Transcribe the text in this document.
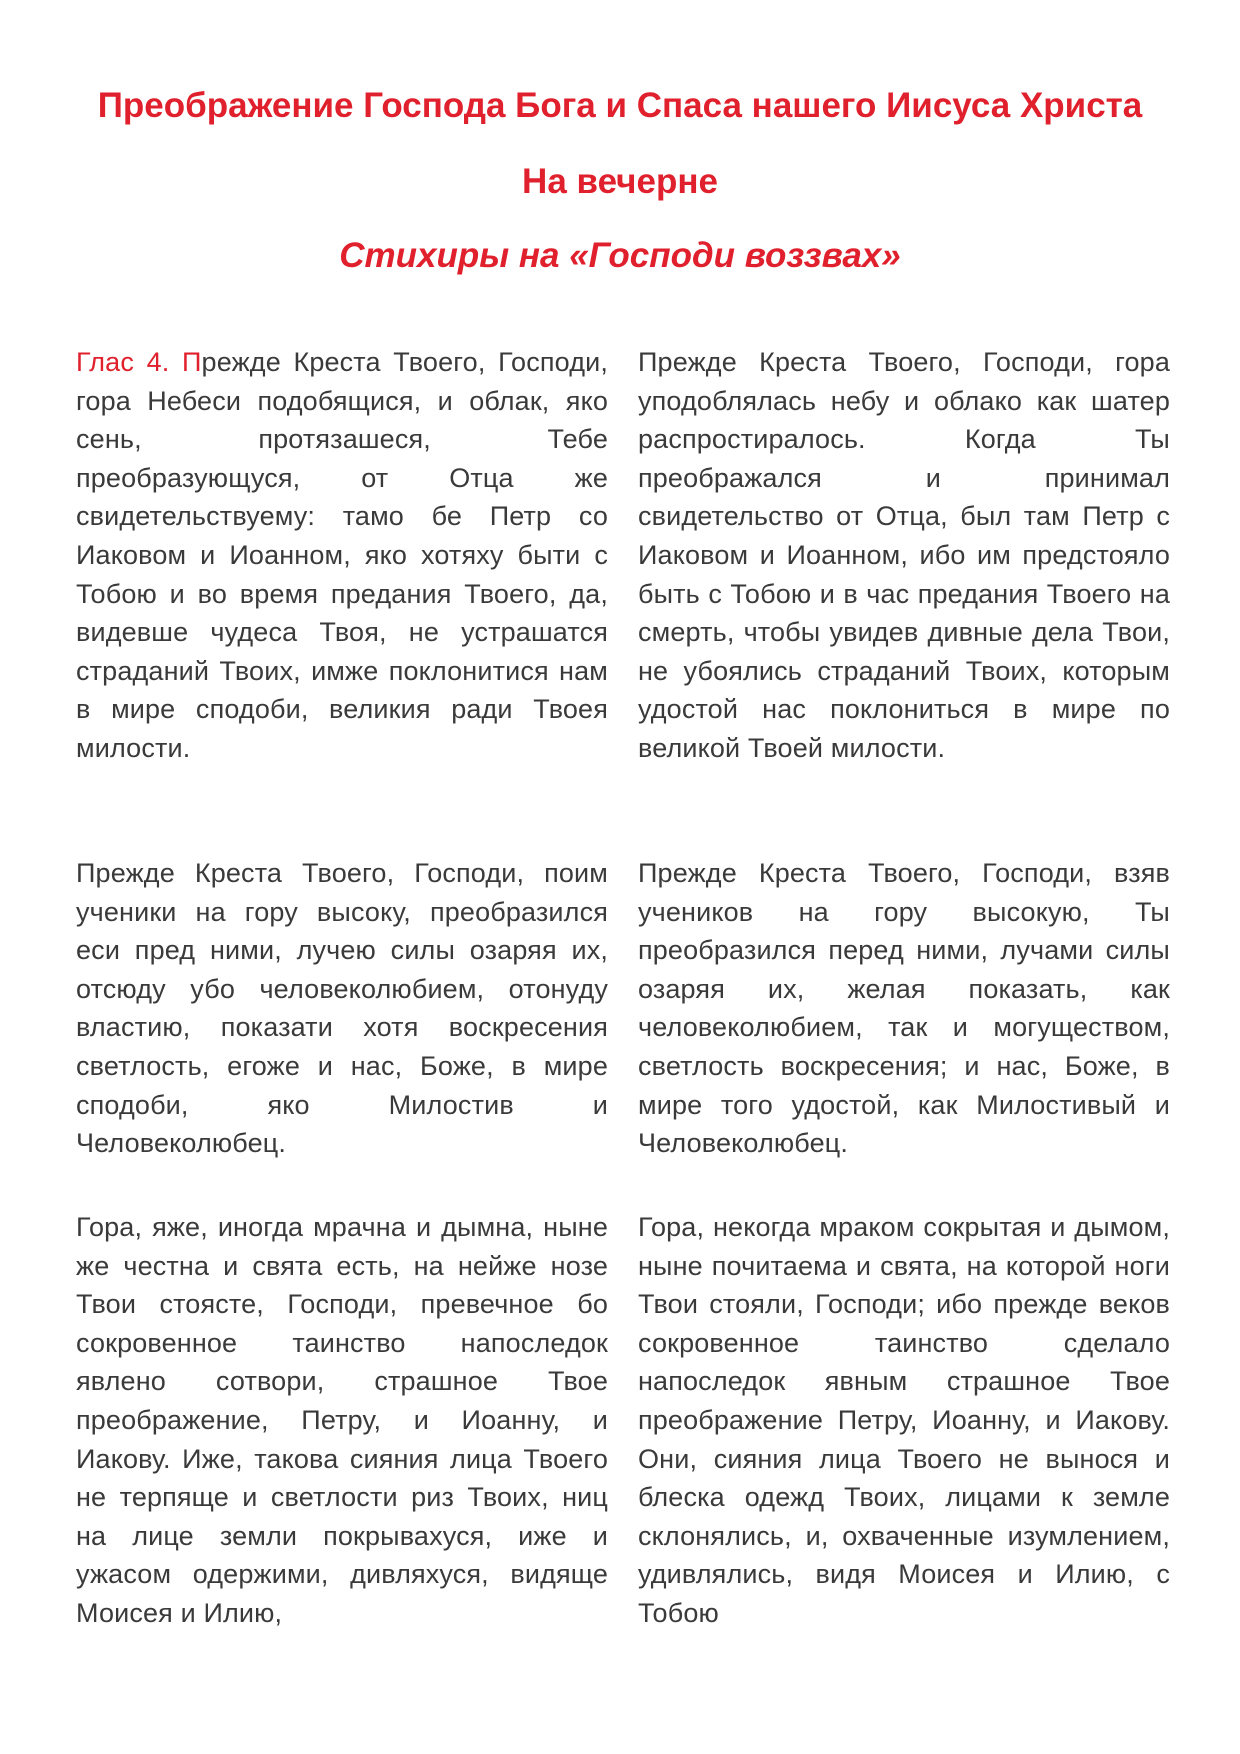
Преображение Господа Бога и Спаса нашего Иисуса Христа
На вечерне
Стихиры на «Господи воззвах»

Глас 4. Прежде Креста Твоего, Господи, гора Небеси подобящися, и облак, яко сень, протязашеся, Тебе преобразующуся, от Отца же свидетельствуему: тамо бе Петр со Иаковом и Иоанном, яко хотяху быти с Тобою и во время предания Твоего, да, видевше чудеса Твоя, не устрашатся страданий Твоих, имже поклонитися нам в мире сподоби, великия ради Твоея милости.

Прежде Креста Твоего, Господи, гора уподоблялась небу и облако как шатер распростиралось. Когда Ты преображался и принимал свидетельство от Отца, был там Петр с Иаковом и Иоанном, ибо им предстояло быть с Тобою и в час предания Твоего на смерть, чтобы увидев дивные дела Твои, не убоялись страданий Твоих, которым удостой нас поклониться в мире по великой Твоей милости.

Прежде Креста Твоего, Господи, поим ученики на гору высоку, преобразился еси пред ними, лучею силы озаряя их, отсюду убо человеколюбием, отонуду властию, показати хотя воскресения светлость, егоже и нас, Боже, в мире сподоби, яко Милостив и Человеколюбец.

Прежде Креста Твоего, Господи, взяв учеников на гору высокую, Ты преобразился перед ними, лучами силы озаряя их, желая показать, как человеколюбием, так и могуществом, светлость воскресения; и нас, Боже, в мире того удостой, как Милостивый и Человеколюбец.

Гора, яже, иногда мрачна и дымна, ныне же честна и свята есть, на нейже нозе Твои стоясте, Господи, превечное бо сокровенное таинство напоследок явлено сотвори, страшное Твое преображение, Петру, и Иоанну, и Иакову. Иже, такова сияния лица Твоего не терпяще и светлости риз Твоих, ниц на лице земли покрывахуся, иже и ужасом одержими, дивляхуся, видяще Моисея и Илию,

Гора, некогда мраком сокрытая и дымом, ныне почитаема и свята, на которой ноги Твои стояли, Господи; ибо прежде веков сокровенное таинство сделало напоследок явным страшное Твое преображение Петру, Иоанну, и Иакову. Они, сияния лица Твоего не вынося и блеска одежд Твоих, лицами к земле склонялись, и, охваченные изумлением, удивлялись, видя Моисея и Илию, с Тобою
